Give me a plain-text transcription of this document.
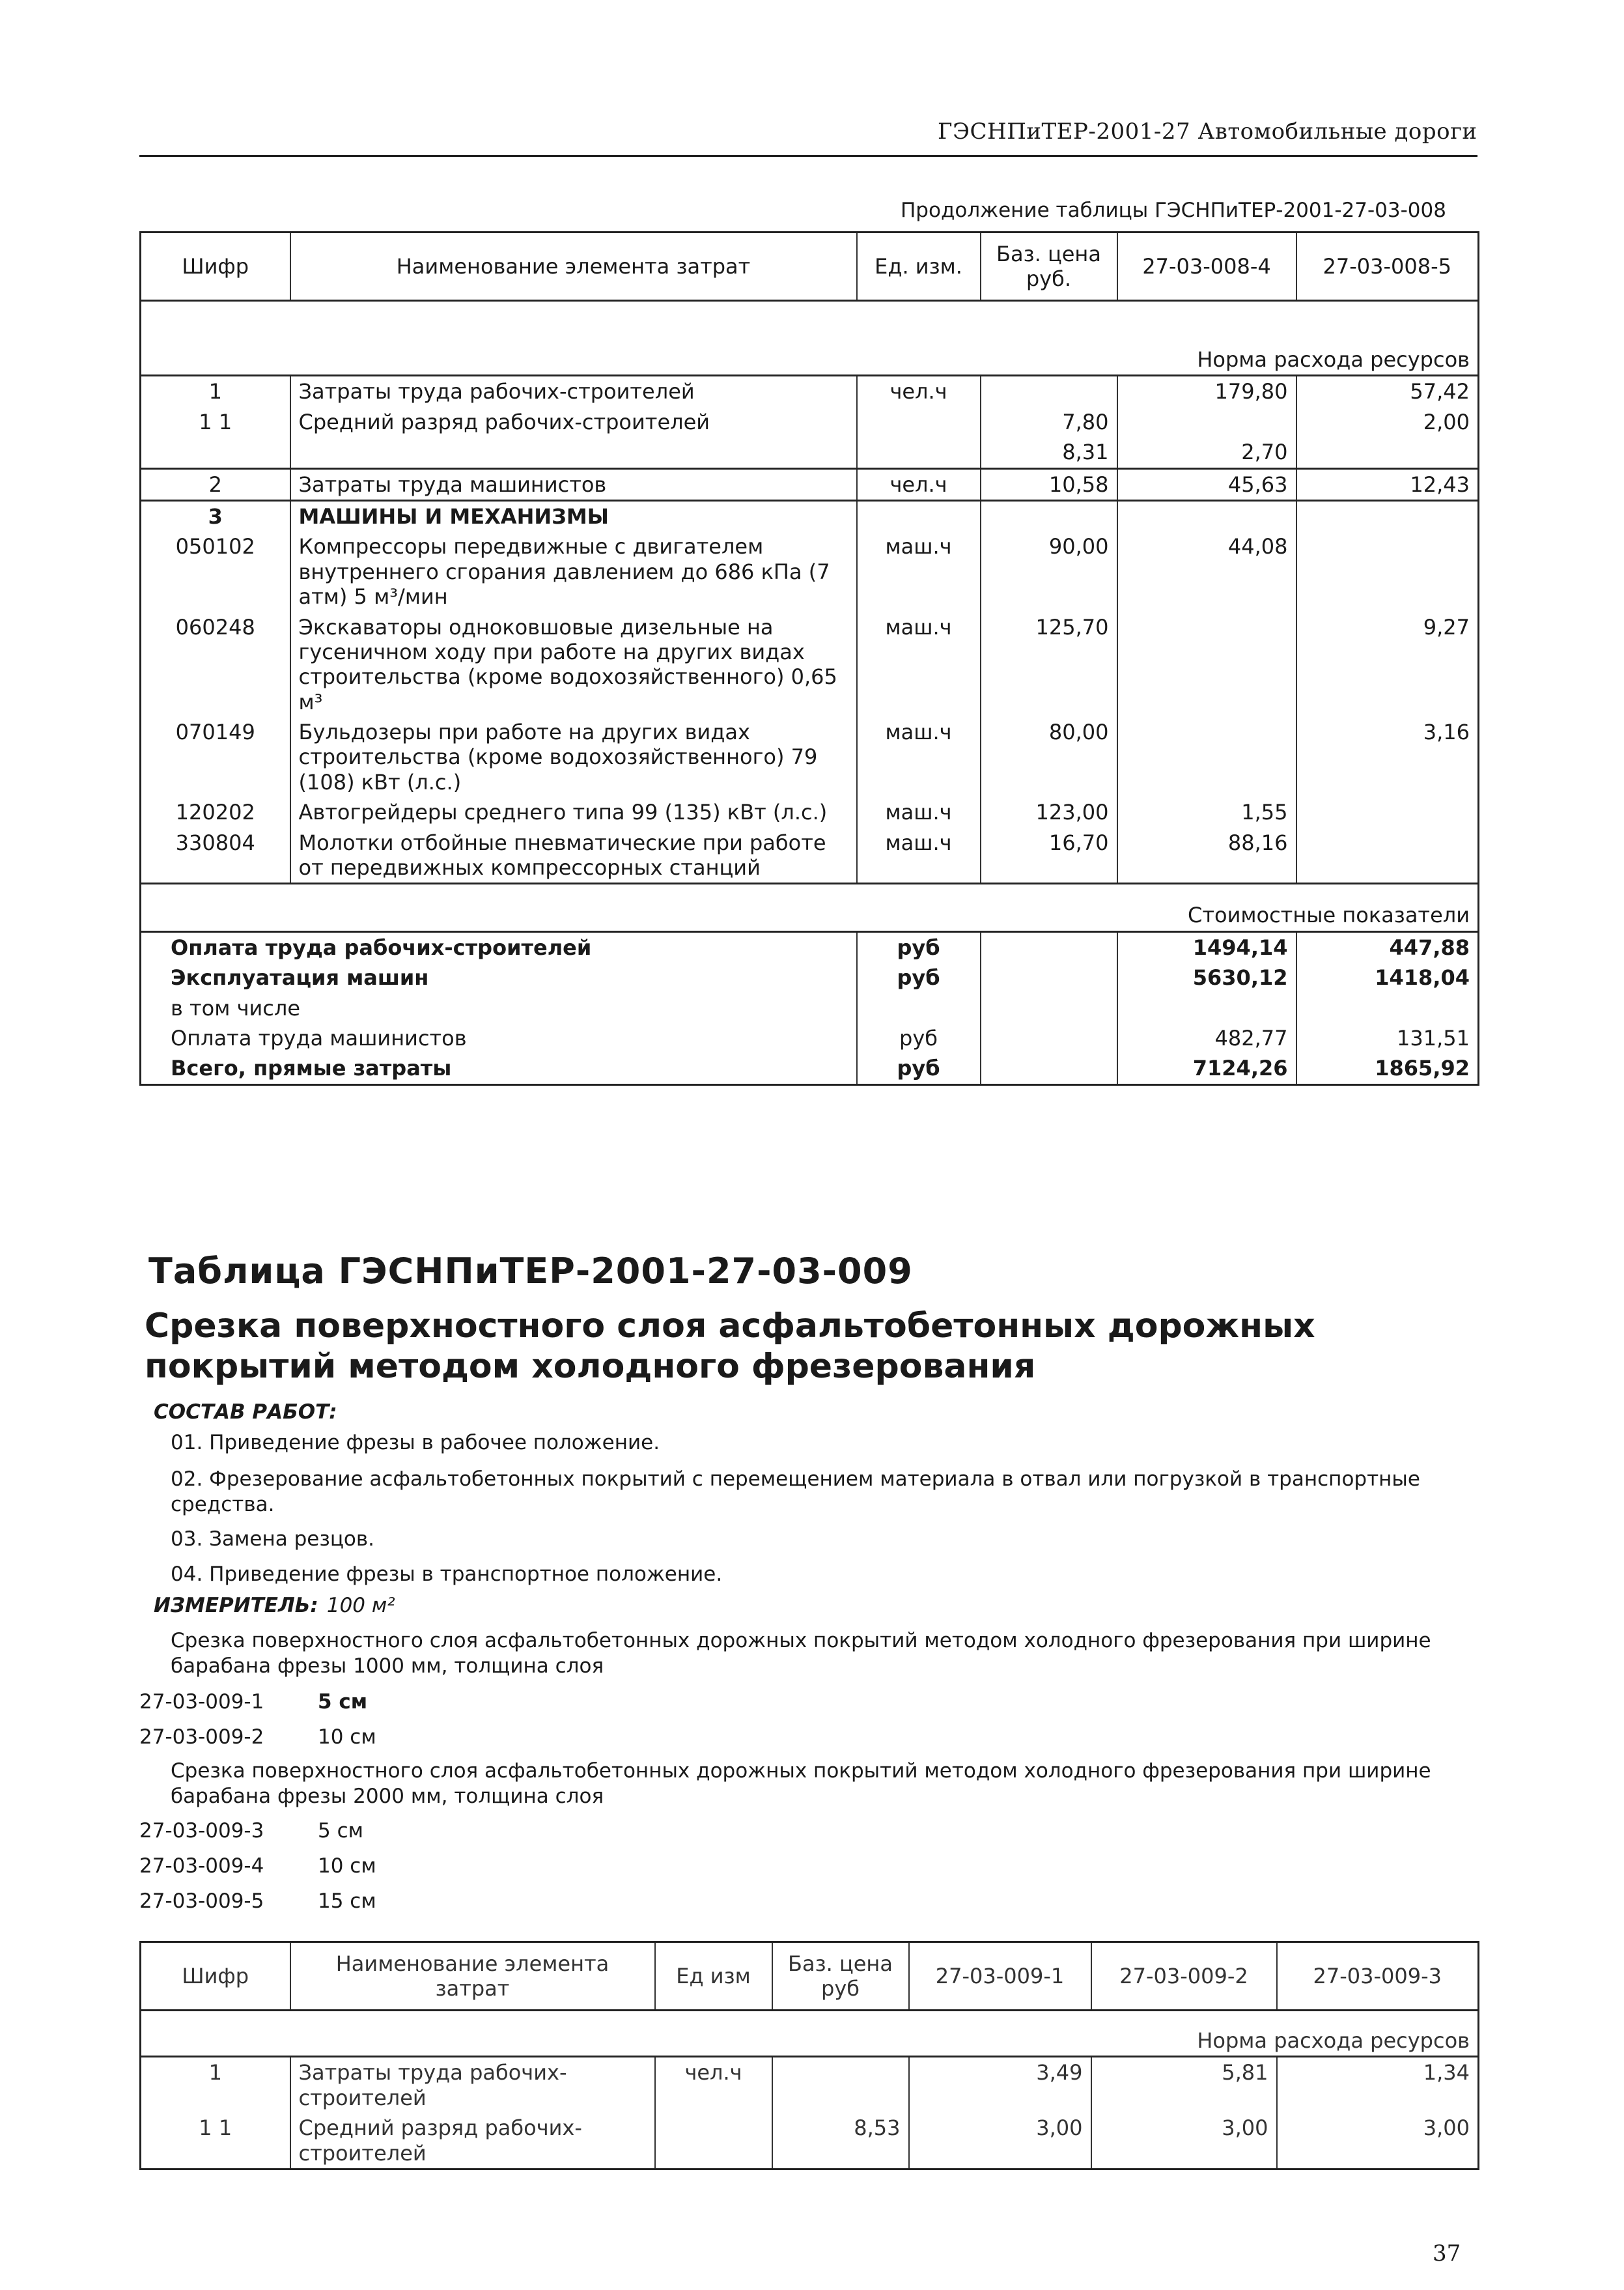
ГЭСНПиТЕР-2001-27 Автомобильные дороги
Продолжение таблицы ГЭСНПиТЕР-2001-27-03-008
Шифр	Наименование элемента затрат	Ед. изм.	Баз. цена руб.	27-03-008-4	27-03-008-5
Норма расхода ресурсов					
1	Затраты труда рабочих-строителей	чел.ч		179,80	57,42
1 1	Средний разряд рабочих-строителей		7,80		2,00
			8,31	2,70	
2	Затраты труда машинистов	чел.ч	10,58	45,63	12,43
3	МАШИНЫ И МЕХАНИЗМЫ				
050102	Компрессоры передвижные с двигателем внутреннего сгорания давлением до 686 кПа (7 атм) 5 м³/мин	маш.ч	90,00	44,08	
060248	Экскаваторы одноковшовые дизельные на гусеничном ходу при работе на других видах строительства (кроме водохозяйственного) 0,65 м³	маш.ч	125,70		9,27
070149	Бульдозеры при работе на других видах строительства (кроме водохозяйственного) 79 (108) кВт (л.с.)	маш.ч	80,00		3,16
120202	Автогрейдеры среднего типа 99 (135) кВт (л.с.)	маш.ч	123,00	1,55	
330804	Молотки отбойные пневматические при работе от передвижных компрессорных станций	маш.ч	16,70	88,16	
Стоимостные показатели					
Оплата труда рабочих-строителей		руб		1494,14	447,88
Эксплуатация машин		руб		5630,12	1418,04
в том числе					
Оплата труда машинистов		руб		482,77	131,51
Всего, прямые затраты		руб		7124,26	1865,92
Таблица ГЭСНПиТЕР-2001-27-03-009
Срезка поверхностного слоя асфальтобетонных дорожных покрытий методом холодного фрезерования
СОСТАВ РАБОТ:
01. Приведение фрезы в рабочее положение.
02. Фрезерование асфальтобетонных покрытий с перемещением материала в отвал или погрузкой в транспортные средства.
03. Замена резцов.
04. Приведение фрезы в транспортное положение.
ИЗМЕРИТЕЛЬ: 100 м²
Срезка поверхностного слоя асфальтобетонных дорожных покрытий методом холодного фрезерования при ширине барабана фрезы 1000 мм, толщина слоя
27-03-009-1	5 см
27-03-009-2	10 см
Срезка поверхностного слоя асфальтобетонных дорожных покрытий методом холодного фрезерования при ширине барабана фрезы 2000 мм, толщина слоя
27-03-009-3	5 см
27-03-009-4	10 см
27-03-009-5	15 см
Шифр	Наименование элемента затрат	Ед изм	Баз. цена руб	27-03-009-1	27-03-009-2	27-03-009-3
Норма расхода ресурсов						
1	Затраты труда рабочих-строителей	чел.ч		3,49	5,81	1,34
1 1	Средний разряд рабочих-строителей		8,53	3,00	3,00	3,00
37
